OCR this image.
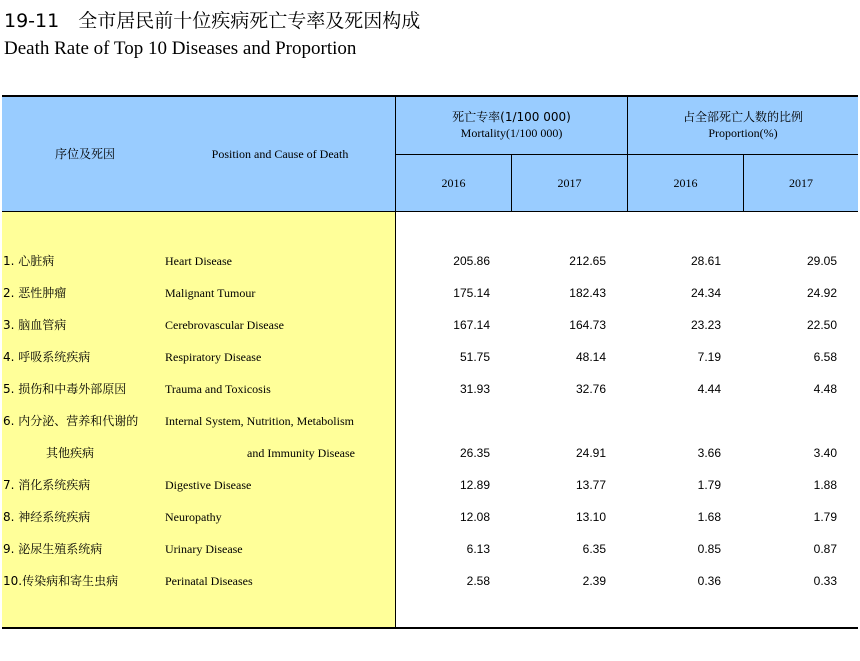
19-11　全市居民前十位疾病死亡专率及死因构成
Death Rate of Top 10 Diseases and Proportion
序位及死因	Position and Cause of Death
死亡专率(1/100 000)
Mortality(1/100 000)
占全部死亡人数的比例
Proportion(%)
2016	2017	2016	2017
1. 心脏病	Heart Disease	205.86	212.65	28.61	29.05
2. 恶性肿瘤	Malignant Tumour	175.14	182.43	24.34	24.92
3. 脑血管病	Cerebrovascular Disease	167.14	164.73	23.23	22.50
4. 呼吸系统疾病	Respiratory Disease	51.75	48.14	7.19	6.58
5. 损伤和中毒外部原因	Trauma and Toxicosis	31.93	32.76	4.44	4.48
6. 内分泌、营养和代谢的 Internal System, Nutrition, Metabolism
其他疾病	and Immunity Disease	26.35	24.91	3.66	3.40
7. 消化系统疾病	Digestive Disease	12.89	13.77	1.79	1.88
8. 神经系统疾病	Neuropathy	12.08	13.10	1.68	1.79
9. 泌尿生殖系统病	Urinary Disease	6.13	6.35	0.85	0.87
10.传染病和寄生虫病	Perinatal Diseases	2.58	2.39	0.36	0.33
